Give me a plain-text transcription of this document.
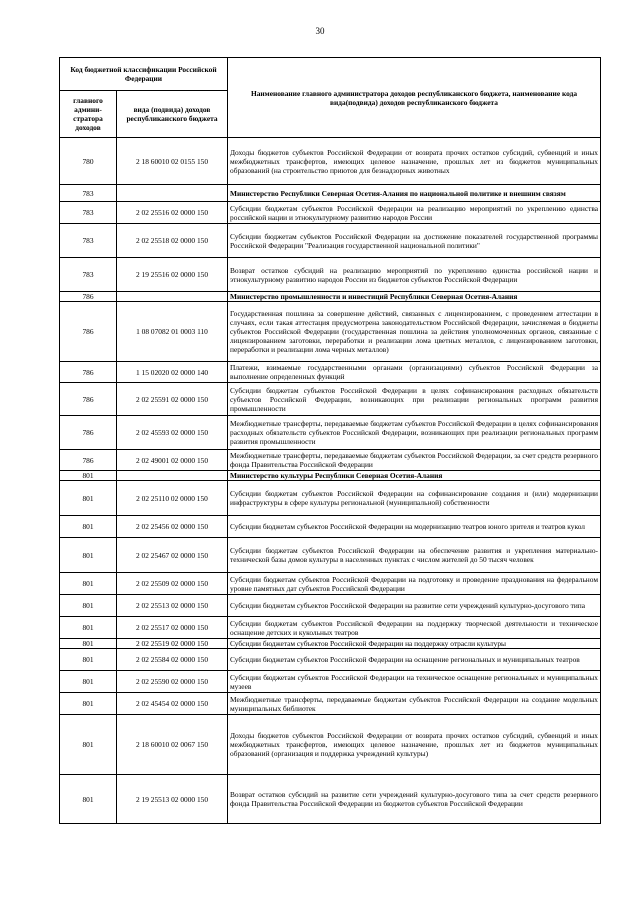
30
Код бюджетной классификации Российской Федерации		Наименование главного администратора доходов республиканского бюджета, наименование кода вида(подвида) доходов республиканского бюджета
главного админи-стратора доходов	вида (подвида) доходов республиканского бюджета	
780	2 18 60010 02 0155 150	Доходы бюджетов субъектов Российской Федерации от возврата прочих остатков субсидий, субвенций и иных межбюджетных трансфертов, имеющих целевое назначение, прошлых лет из бюджетов муниципальных образований (на строительство приютов для безнадзорных животных
783		Министерство Республики Северная Осетия-Алания по национальной политике и внешним связям
783	2 02 25516 02 0000 150	Субсидии бюджетам субъектов Российской Федерации на реализацию мероприятий по укреплению единства российской нации и этнокультурному развитию народов России
783	2 02 25518 02 0000 150	Субсидии бюджетам субъектов Российской Федерации на достижение показателей государственной программы Российской Федерации "Реализация государственной национальной политики"
783	2 19 25516 02 0000 150	Возврат остатков субсидий на реализацию мероприятий по укреплению единства российской нации и этнокультурному развитию народов России из бюджетов субъектов Российской Федерации
786		Министерство промышленности и инвестиций Республики Северная Осетия-Алания
786	1 08 07082 01 0003 110	Государственная пошлина за совершение действий, связанных с лицензированием, с проведением аттестации в случаях, если такая аттестация предусмотрена законодательством Российской Федерации, зачисляемая в бюджеты субъектов Российской Федерации (государственная пошлина за действия уполномоченных органов, связанные с лицензированием заготовки, переработки и реализации лома цветных металлов, с лицензированием заготовки, переработки и реализации лома черных металлов)
786	1 15 02020 02 0000 140	Платежи, взимаемые государственными органами (организациями) субъектов Российской Федерации за выполнение определенных функций
786	2 02 25591 02 0000 150	Субсидии бюджетам субъектов Российской Федерации в целях софинансирования расходных обязательств субъектов Российской Федерации, возникающих при реализации региональных программ развития промышленности
786	2 02 45593 02 0000 150	Межбюджетные трансферты, передаваемые бюджетам субъектов Российской Федерации в целях софинансирования расходных обязательств субъектов Российской Федерации, возникающих при реализации региональных программ развития промышленности
786	2 02 49001 02 0000 150	Межбюджетные трансферты, передаваемые бюджетам субъектов Российской Федерации, за счет средств резервного фонда Правительства Российской Федерации
801		Министерство культуры Республики Северная Осетия-Алания
801	2 02 25110 02 0000 150	Субсидии бюджетам субъектов Российской Федерации на софинансирование создания и (или) модернизации инфраструктуры в сфере культуры региональной (муниципальной) собственности
801	2 02 25456 02 0000 150	Субсидии бюджетам субъектов Российской Федерации на модернизацию театров юного зрителя и театров кукол
801	2 02 25467 02 0000 150	Субсидии бюджетам субъектов Российской Федерации на обеспечение развития и укрепления материально-технической базы домов культуры в населенных пунктах с числом жителей до 50 тысяч человек
801	2 02 25509 02 0000 150	Субсидии бюджетам субъектов Российской Федерации на подготовку и проведение празднования на федеральном уровне памятных дат субъектов Российской Федерации
801	2 02 25513 02 0000 150	Субсидии бюджетам субъектов Российской Федерации на развитие сети учреждений культурно-досугового типа
801	2 02 25517 02 0000 150	Субсидии бюджетам субъектов Российской Федерации на поддержку творческой деятельности и техническое оснащение детских и кукольных театров
801	2 02 25519 02 0000 150	Субсидии бюджетам субъектов Российской Федерации на поддержку отрасли культуры
801	2 02 25584 02 0000 150	Субсидии бюджетам субъектов Российской Федерации на оснащение региональных и муниципальных театров
801	2 02 25590 02 0000 150	Субсидии бюджетам субъектов Российской Федерации на техническое оснащение региональных и муниципальных музеев
801	2 02 45454 02 0000 150	Межбюджетные трансферты, передаваемые бюджетам субъектов Российской Федерации на создание модельных муниципальных библиотек
801	2 18 60010 02 0067 150	Доходы бюджетов субъектов Российской Федерации от возврата прочих остатков субсидий, субвенций и иных межбюджетных трансфертов, имеющих целевое назначение, прошлых лет из бюджетов муниципальных образований (организация и поддержка учреждений культуры)
801	2 19 25513 02 0000 150	Возврат остатков субсидий на развитие сети учреждений культурно-досугового типа за счет средств резервного фонда Правительства Российской Федерации из бюджетов субъектов Российской Федерации
